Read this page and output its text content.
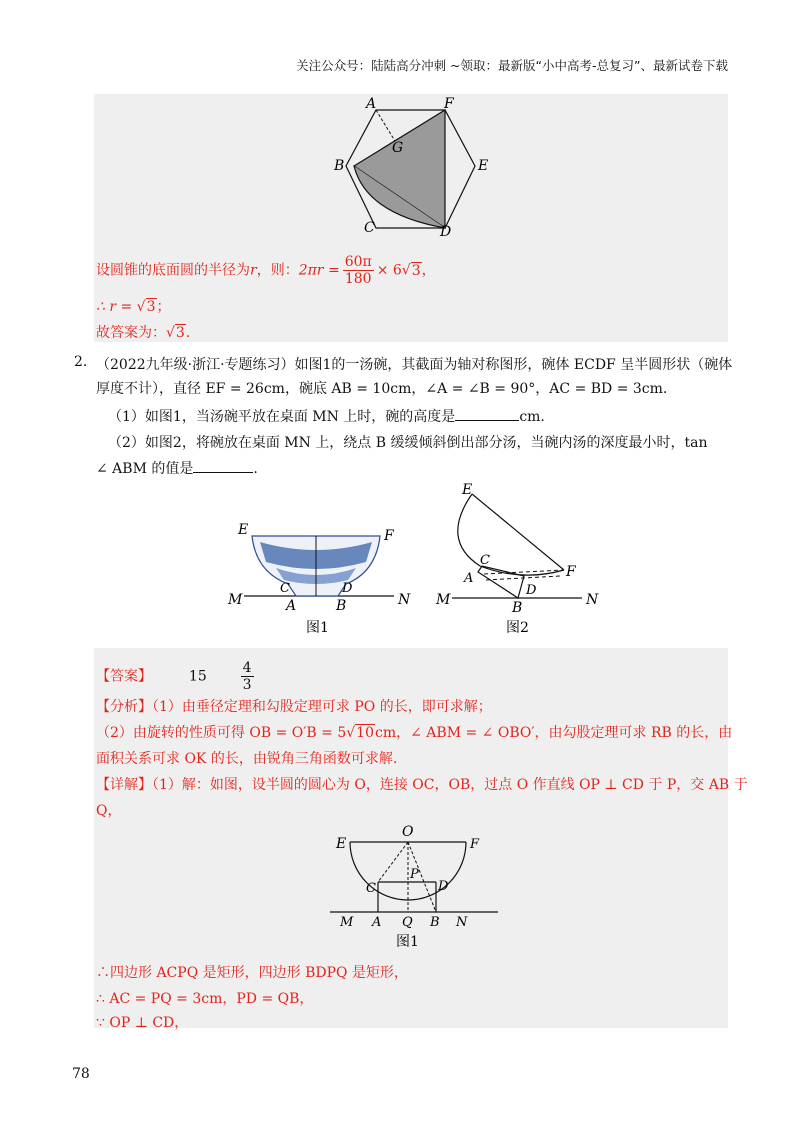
关注公众号：陆陆高分冲刺 ~领取：最新版“小中高考-总复习”、最新试卷下载
A	F
B
G
E
C	D
设圆锥的底面圆的半径为r，则：$2\pi r = \frac{60\pi}{180} \times 6√3$，
∴ r = √3；
故答案为：√3.
2. （2022九年级·浙江·专题练习）如图1的一汤碗，其截面为轴对称图形，碗体 ECDF 呈半圆形状（碗体
厚度不计），直径 EF = 26cm，碗底 AB = 10cm，∠A = ∠B = 90°，AC = BD = 3cm.
（1）如图1，当汤碗平放在桌面 MN 上时，碗的高度是	cm.
（2）如图2，将碗放在桌面 MN 上，绕点 B 缓缓倾斜倒出部分汤，当碗内汤的深度最小时，tan
∠ ABM 的值是	.
E	F
C	D
M	A	B	N
图1
E
C
F
A
D
M	B	N
图2
【答案】	$15 \frac{4}{3}$
【分析】（1）由垂径定理和勾股定理可求 PO 的长，即可求解；
（2）由旋转的性质可得 OB = O′B = 5√10cm，∠ ABM = ∠ OBO′，由勾股定理可求 RB 的长，由
面积关系可求 OK 的长，由锐角三角函数可求解.
【详解】（1）解：如图，设半圆的圆心为 O，连接 OC，OB，过点 O 作直线 OP ⊥ CD 于 P，交 AB 于
Q，
O
E	F
P
C	D
M A Q B N
图1
∴四边形 ACPQ 是矩形，四边形 BDPQ 是矩形，
∴ AC = PQ = 3cm，PD = QB，
∵ OP ⊥ CD，
78
